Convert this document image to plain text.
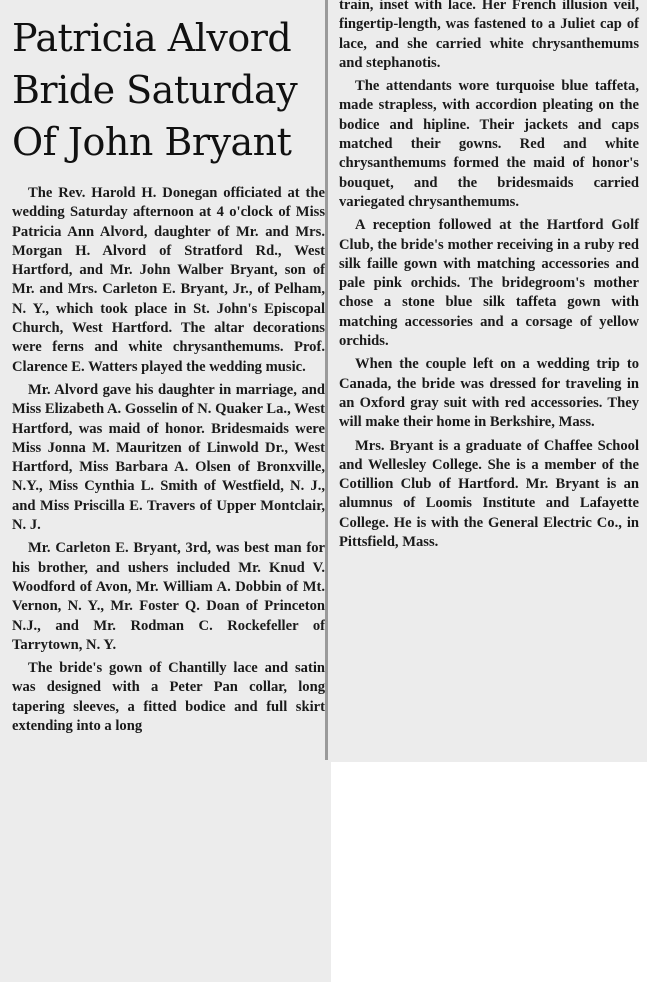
Patricia Alvord
Bride Saturday
Of John Bryant

The Rev. Harold H. Donegan officiated at the wedding Saturday afternoon at 4 o'clock of Miss Patricia Ann Alvord, daughter of Mr. and Mrs. Morgan H. Alvord of Stratford Rd., West Hartford, and Mr. John Walber Bryant, son of Mr. and Mrs. Carleton E. Bryant, Jr., of Pelham, N. Y., which took place in St. John's Episcopal Church, West Hartford. The altar decorations were ferns and white chrysanthemums. Prof. Clarence E. Watters played the wedding music.

Mr. Alvord gave his daughter in marriage, and Miss Elizabeth A. Gosselin of N. Quaker La., West Hartford, was maid of honor. Bridesmaids were Miss Jonna M. Mauritzen of Linwold Dr., West Hartford, Miss Barbara A. Olsen of Bronxville, N.Y., Miss Cynthia L. Smith of Westfield, N. J., and Miss Priscilla E. Travers of Upper Montclair, N. J.

Mr. Carleton E. Bryant, 3rd, was best man for his brother, and ushers included Mr. Knud V. Woodford of Avon, Mr. William A. Dobbin of Mt. Vernon, N. Y., Mr. Foster Q. Doan of Princeton N.J., and Mr. Rodman C. Rockefeller of Tarrytown, N. Y.

The bride's gown of Chantilly lace and satin was designed with a Peter Pan collar, long tapering sleeves, a fitted bodice and full skirt extending into a long

train, inset with lace. Her French illusion veil, fingertip-length, was fastened to a Juliet cap of lace, and she carried white chrysanthemums and stephanotis.

The attendants wore turquoise blue taffeta, made strapless, with accordion pleating on the bodice and hipline. Their jackets and caps matched their gowns. Red and white chrysanthemums formed the maid of honor's bouquet, and the bridesmaids carried variegated chrysanthemums.

A reception followed at the Hartford Golf Club, the bride's mother receiving in a ruby red silk faille gown with matching accessories and pale pink orchids. The bridegroom's mother chose a stone blue silk taffeta gown with matching accessories and a corsage of yellow orchids.

When the couple left on a wedding trip to Canada, the bride was dressed for traveling in an Oxford gray suit with red accessories. They will make their home in Berkshire, Mass.

Mrs. Bryant is a graduate of Chaffee School and Wellesley College. She is a member of the Cotillion Club of Hartford. Mr. Bryant is an alumnus of Loomis Institute and Lafayette College. He is with the General Electric Co., in Pittsfield, Mass.
